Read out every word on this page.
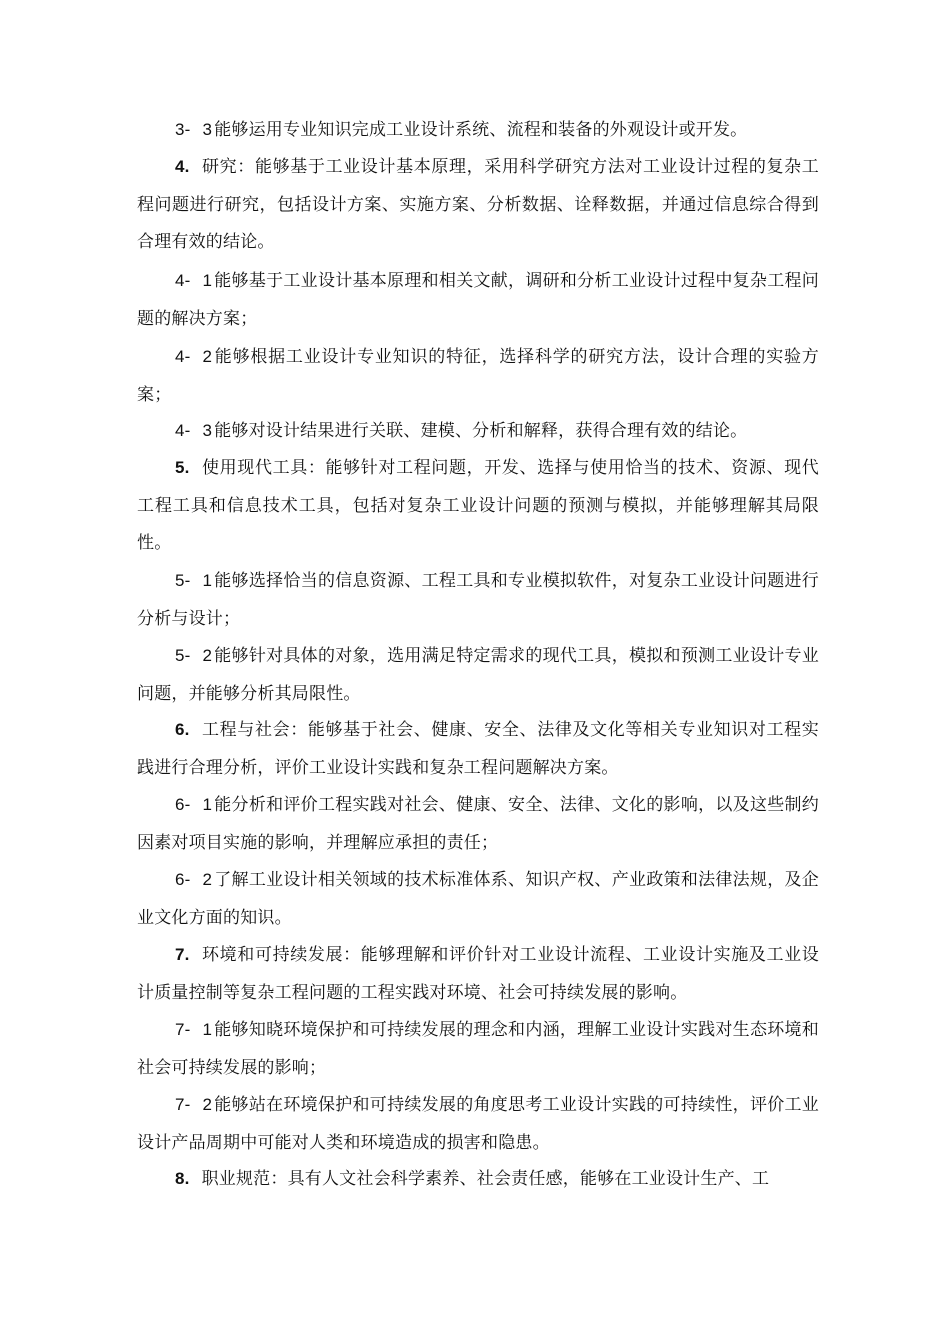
3- 3 能够运用专业知识完成工业设计系统、流程和装备的外观设计或开发。

4. 研究：能够基于工业设计基本原理，采用科学研究方法对工业设计过程的复杂工程问题进行研究，包括设计方案、实施方案、分析数据、诠释数据，并通过信息综合得到合理有效的结论。

4- 1 能够基于工业设计基本原理和相关文献，调研和分析工业设计过程中复杂工程问题的解决方案；

4- 2 能够根据工业设计专业知识的特征，选择科学的研究方法，设计合理的实验方案；

4- 3 能够对设计结果进行关联、建模、分析和解释，获得合理有效的结论。

5. 使用现代工具：能够针对工程问题，开发、选择与使用恰当的技术、资源、现代工程工具和信息技术工具，包括对复杂工业设计问题的预测与模拟，并能够理解其局限性。

5- 1 能够选择恰当的信息资源、工程工具和专业模拟软件，对复杂工业设计问题进行分析与设计；

5- 2 能够针对具体的对象，选用满足特定需求的现代工具，模拟和预测工业设计专业问题，并能够分析其局限性。

6. 工程与社会：能够基于社会、健康、安全、法律及文化等相关专业知识对工程实践进行合理分析，评价工业设计实践和复杂工程问题解决方案。

6- 1 能分析和评价工程实践对社会、健康、安全、法律、文化的影响，以及这些制约因素对项目实施的影响，并理解应承担的责任；

6- 2 了解工业设计相关领域的技术标准体系、知识产权、产业政策和法律法规，及企业文化方面的知识。

7. 环境和可持续发展：能够理解和评价针对工业设计流程、工业设计实施及工业设计质量控制等复杂工程问题的工程实践对环境、社会可持续发展的影响。

7- 1 能够知晓环境保护和可持续发展的理念和内涵，理解工业设计实践对生态环境和社会可持续发展的影响；

7- 2 能够站在环境保护和可持续发展的角度思考工业设计实践的可持续性，评价工业设计产品周期中可能对人类和环境造成的损害和隐患。

8. 职业规范：具有人文社会科学素养、社会责任感，能够在工业设计生产、工
